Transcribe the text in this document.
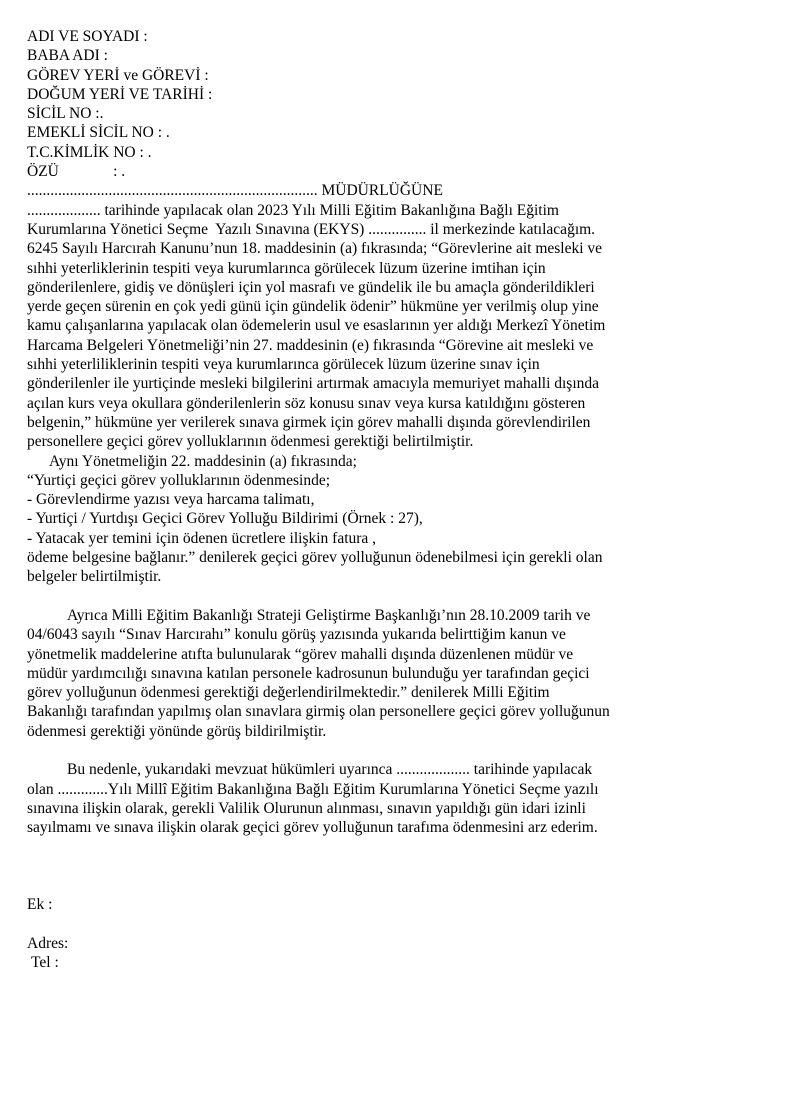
ADI VE SOYADI :
BABA ADI :
GÖREV YERİ ve GÖREVİ :
DOĞUM YERİ VE TARİHİ :
SİCİL NO :.
EMEKLİ SİCİL NO : .
T.C.KİMLİK NO : .
ÖZÜ              : .
........................................................................... MÜDÜRLÜĞÜNE
................... tarihinde yapılacak olan 2023 Yılı Milli Eğitim Bakanlığına Bağlı Eğitim
Kurumlarına Yönetici Seçme  Yazılı Sınavına (EKYS) ............... il merkezinde katılacağım.
6245 Sayılı Harcırah Kanunu’nun 18. maddesinin (a) fıkrasında; “Görevlerine ait mesleki ve
sıhhi yeterliklerinin tespiti veya kurumlarınca görülecek lüzum üzerine imtihan için
gönderilenlere, gidiş ve dönüşleri için yol masrafı ve gündelik ile bu amaçla gönderildikleri
yerde geçen sürenin en çok yedi günü için gündelik ödenir” hükmüne yer verilmiş olup yine
kamu çalışanlarına yapılacak olan ödemelerin usul ve esaslarının yer aldığı Merkezî Yönetim
Harcama Belgeleri Yönetmeliği’nin 27. maddesinin (e) fıkrasında “Görevine ait mesleki ve
sıhhi yeterliliklerinin tespiti veya kurumlarınca görülecek lüzum üzerine sınav için
gönderilenler ile yurtiçinde mesleki bilgilerini artırmak amacıyla memuriyet mahalli dışında
açılan kurs veya okullara gönderilenlerin söz konusu sınav veya kursa katıldığını gösteren
belgenin,” hükmüne yer verilerek sınava girmek için görev mahalli dışında görevlendirilen
personellere geçici görev yolluklarının ödenmesi gerektiği belirtilmiştir.
Aynı Yönetmeliğin 22. maddesinin (a) fıkrasında;
“Yurtiçi geçici görev yolluklarının ödenmesinde;
- Görevlendirme yazısı veya harcama talimatı,
- Yurtiçi / Yurtdışı Geçici Görev Yolluğu Bildirimi (Örnek : 27),
- Yatacak yer temini için ödenen ücretlere ilişkin fatura ,
ödeme belgesine bağlanır.” denilerek geçici görev yolluğunun ödenebilmesi için gerekli olan
belgeler belirtilmiştir.
Ayrıca Milli Eğitim Bakanlığı Strateji Geliştirme Başkanlığı’nın 28.10.2009 tarih ve
04/6043 sayılı “Sınav Harcırahı” konulu görüş yazısında yukarıda belirttiğim kanun ve
yönetmelik maddelerine atıfta bulunularak “görev mahalli dışında düzenlenen müdür ve
müdür yardımcılığı sınavına katılan personele kadrosunun bulunduğu yer tarafından geçici
görev yolluğunun ödenmesi gerektiği değerlendirilmektedir.” denilerek Milli Eğitim
Bakanlığı tarafından yapılmış olan sınavlara girmiş olan personellere geçici görev yolluğunun
ödenmesi gerektiği yönünde görüş bildirilmiştir.
Bu nedenle, yukarıdaki mevzuat hükümleri uyarınca ................... tarihinde yapılacak
olan .............Yılı Millî Eğitim Bakanlığına Bağlı Eğitim Kurumlarına Yönetici Seçme yazılı
sınavına ilişkin olarak, gerekli Valilik Olurunun alınması, sınavın yapıldığı gün idari izinli
sayılmamı ve sınava ilişkin olarak geçici görev yolluğunun tarafıma ödenmesini arz ederim.
Ek :
Adres:
Tel :
